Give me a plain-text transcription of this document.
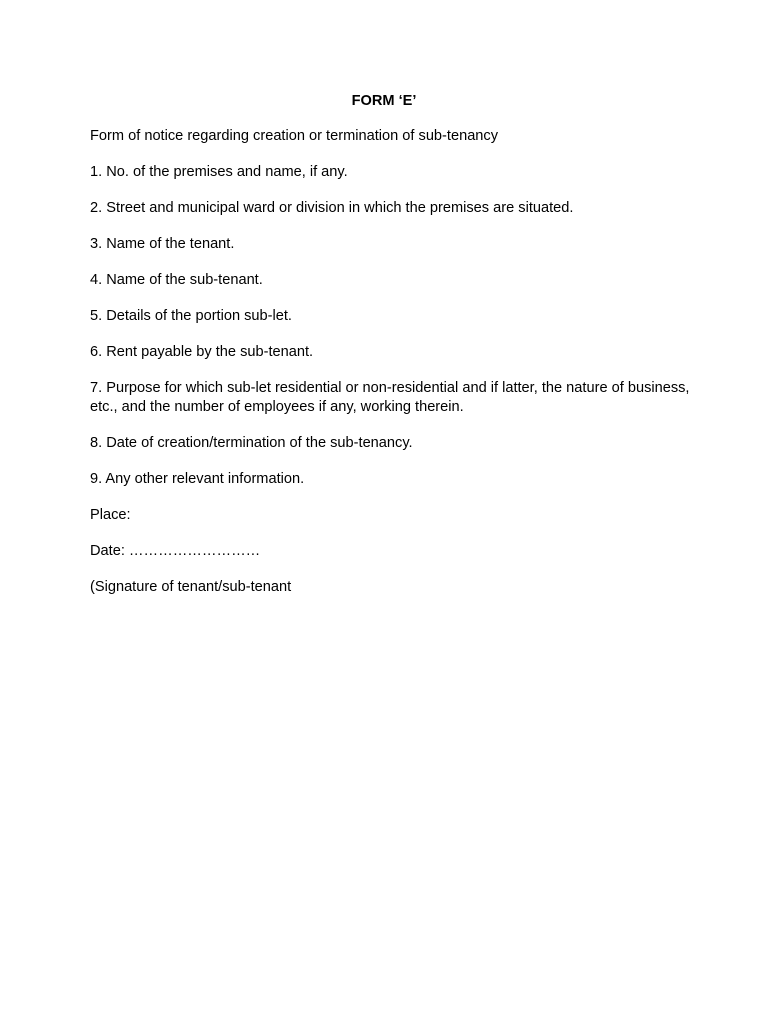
FORM ‘E’
Form of notice regarding creation or termination of sub-tenancy
1. No. of the premises and name, if any.
2. Street and municipal ward or division in which the premises are situated.
3. Name of the tenant.
4. Name of the sub-tenant.
5. Details of the portion sub-let.
6. Rent payable by the sub-tenant.
7. Purpose for which sub-let residential or non-residential and if latter, the nature of business, etc., and the number of employees if any, working therein.
8. Date of creation/termination of the sub-tenancy.
9. Any other relevant information.
Place:
Date: ………………………
(Signature of tenant/sub-tenant
